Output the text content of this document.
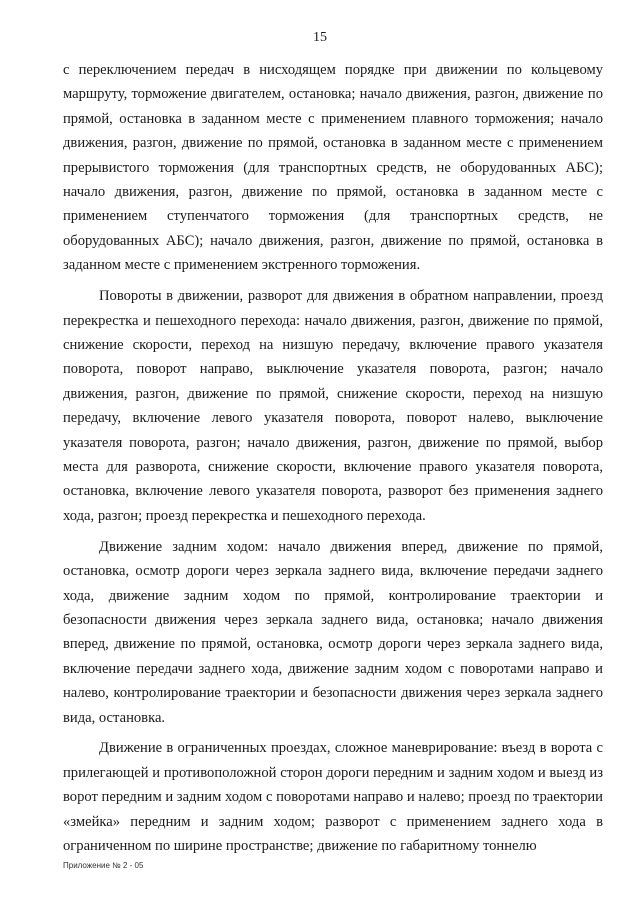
15

с переключением передач в нисходящем порядке при движении по кольцевому маршруту, торможение двигателем, остановка; начало движения, разгон, движение по прямой, остановка в заданном месте с применением плавного торможения; начало движения, разгон, движение по прямой, остановка в заданном месте с применением прерывистого торможения (для транспортных средств, не оборудованных АБС); начало движения, разгон, движение по прямой, остановка в заданном месте с применением ступенчатого торможения (для транспортных средств, не оборудованных АБС); начало движения, разгон, движение по прямой, остановка в заданном месте с применением экстренного торможения.

Повороты в движении, разворот для движения в обратном направлении, проезд перекрестка и пешеходного перехода: начало движения, разгон, движение по прямой, снижение скорости, переход на низшую передачу, включение правого указателя поворота, поворот направо, выключение указателя поворота, разгон; начало движения, разгон, движение по прямой, снижение скорости, переход на низшую передачу, включение левого указателя поворота, поворот налево, выключение указателя поворота, разгон; начало движения, разгон, движение по прямой, выбор места для разворота, снижение скорости, включение правого указателя поворота, остановка, включение левого указателя поворота, разворот без применения заднего хода, разгон; проезд перекрестка и пешеходного перехода.

Движение задним ходом: начало движения вперед, движение по прямой, остановка, осмотр дороги через зеркала заднего вида, включение передачи заднего хода, движение задним ходом по прямой, контролирование траектории и безопасности движения через зеркала заднего вида, остановка; начало движения вперед, движение по прямой, остановка, осмотр дороги через зеркала заднего вида, включение передачи заднего хода, движение задним ходом с поворотами направо и налево, контролирование траектории и безопасности движения через зеркала заднего вида, остановка.

Движение в ограниченных проездах, сложное маневрирование: въезд в ворота с прилегающей и противоположной сторон дороги передним и задним ходом и выезд из ворот передним и задним ходом с поворотами направо и налево; проезд по траектории «змейка» передним и задним ходом; разворот с применением заднего хода в ограниченном по ширине пространстве; движение по габаритному тоннелю

Приложение № 2 - 05
